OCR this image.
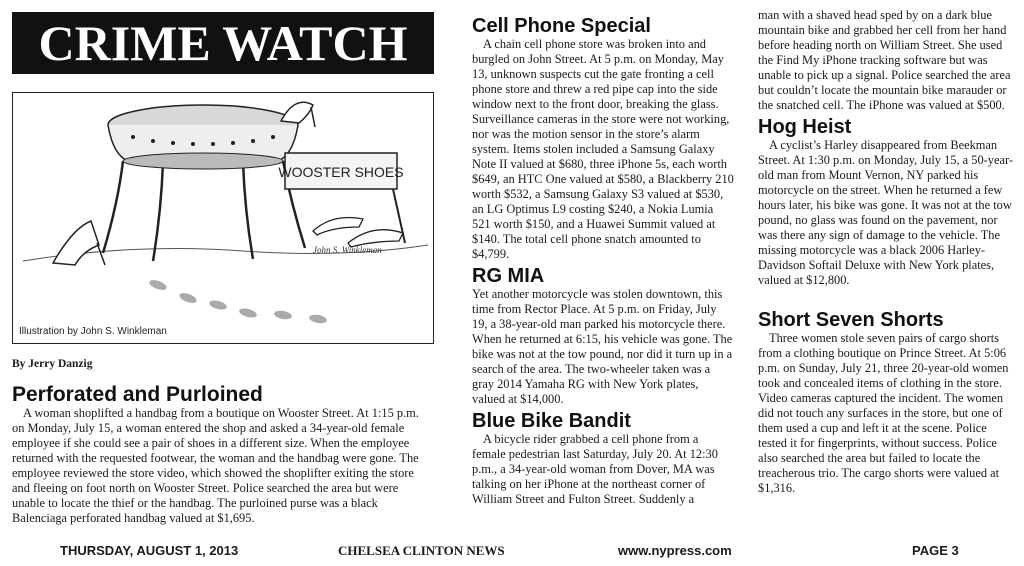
CRIME WATCH
WOOSTER SHOES
John S. Winkleman
Illustration by John S. Winkleman
By Jerry Danzig
Perforated and Purloined

A woman shoplifted a handbag from a boutique on Wooster Street. At 1:15 p.m. on Monday, July 15, a woman entered the shop and asked a 34-year-old female employee if she could see a pair of shoes in a different size. When the employee returned with the requested footwear, the woman and the handbag were gone. The employee reviewed the store video, which showed the shoplifter exiting the store and fleeing on foot north on Wooster Street. Police searched the area but were unable to locate the thief or the handbag. The purloined purse was a black Balenciaga perforated handbag valued at $1,695.

Cell Phone Special

A chain cell phone store was broken into and burgled on John Street. At 5 p.m. on Monday, May 13, unknown suspects cut the gate fronting a cell phone store and threw a red pipe cap into the side window next to the front door, breaking the glass. Surveillance cameras in the store were not working, nor was the motion sensor in the store’s alarm system. Items stolen included a Samsung Galaxy Note II valued at $680, three iPhone 5s, each worth $649, an HTC One valued at $580, a Blackberry 210 worth $532, a Samsung Galaxy S3 valued at $530, an LG Optimus L9 costing $240, a Nokia Lumia 521 worth $150, and a Huawei Summit valued at $140. The total cell phone snatch amounted to $4,799.

RG MIA

Yet another motorcycle was stolen downtown, this time from Rector Place. At 5 p.m. on Friday, July 19, a 38-year-old man parked his motorcycle there. When he returned at 6:15, his vehicle was gone. The bike was not at the tow pound, nor did it turn up in a search of the area. The two-wheeler taken was a gray 2014 Yamaha RG with New York plates, valued at $14,000.

Blue Bike Bandit

A bicycle rider grabbed a cell phone from a female pedestrian last Saturday, July 20. At 12:30 p.m., a 34-year-old woman from Dover, MA was talking on her iPhone at the northeast corner of William Street and Fulton Street. Suddenly a

man with a shaved head sped by on a dark blue mountain bike and grabbed her cell from her hand before heading north on William Street. She used the Find My iPhone tracking software but was unable to pick up a signal. Police searched the area but couldn’t locate the mountain bike marauder or the snatched cell. The iPhone was valued at $500.

Hog Heist

A cyclist’s Harley disappeared from Beekman Street. At 1:30 p.m. on Monday, July 15, a 50-year-old man from Mount Vernon, NY parked his motorcycle on the street. When he returned a few hours later, his bike was gone. It was not at the tow pound, no glass was found on the pavement, nor was there any sign of damage to the vehicle. The missing motorcycle was a black 2006 Harley-Davidson Softail Deluxe with New York plates, valued at $12,800.

Short Seven Shorts

Three women stole seven pairs of cargo shorts from a clothing boutique on Prince Street. At 5:06 p.m. on Sunday, July 21, three 20-year-old women took and concealed items of clothing in the store. Video cameras captured the incident. The women did not touch any surfaces in the store, but one of them used a cup and left it at the scene. Police tested it for fingerprints, without success. Police also searched the area but failed to locate the treacherous trio. The cargo shorts were valued at $1,316.

THURSDAY, AUGUST 1, 2013	CHELSEA CLINTON NEWS	www.nypress.com	PAGE 3
